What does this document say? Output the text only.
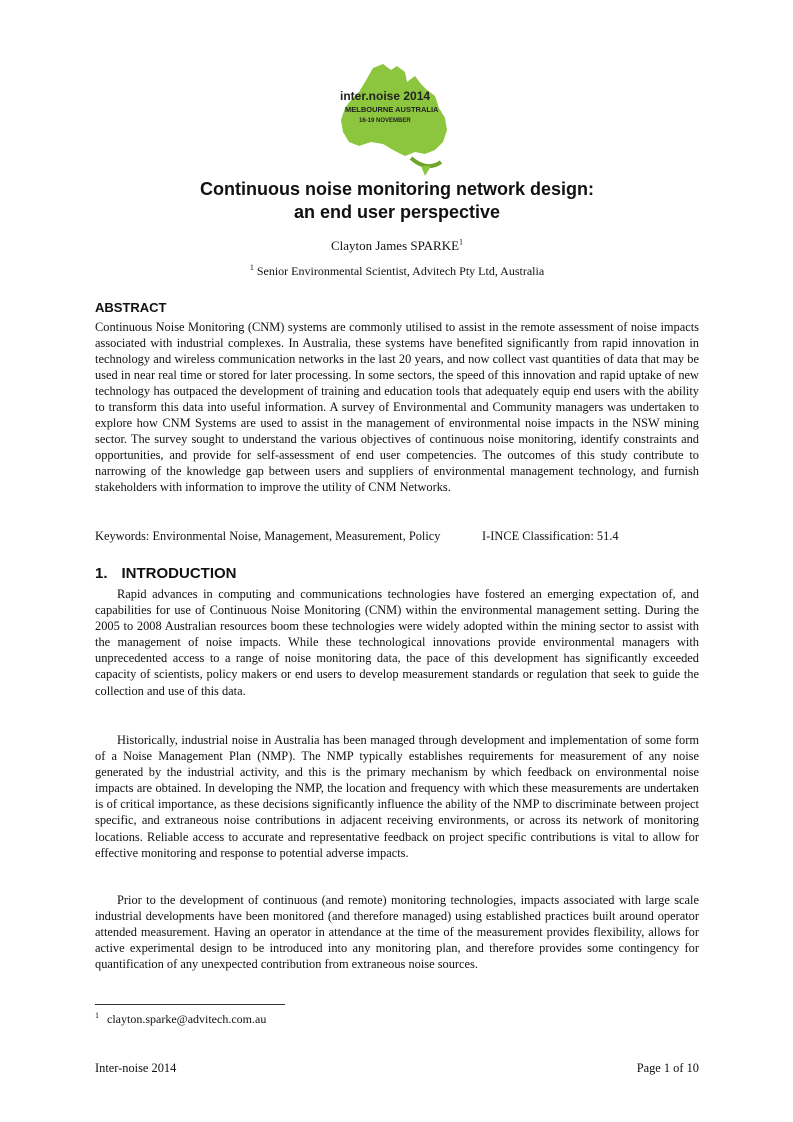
inter.noise 2014
MELBOURNE AUSTRALIA
16-19 NOVEMBER
Continuous noise monitoring network design:
an end user perspective
Clayton James SPARKE$^1$
$^1$ Senior Environmental Scientist, Advitech Pty Ltd, Australia
ABSTRACT

Continuous Noise Monitoring (CNM) systems are commonly utilised to assist in the remote assessment of noise impacts associated with industrial complexes. In Australia, these systems have benefited significantly from rapid innovation in technology and wireless communication networks in the last 20 years, and now collect vast quantities of data that may be used in near real time or stored for later processing. In some sectors, the speed of this innovation and rapid uptake of new technology has outpaced the development of training and education tools that adequately equip end users with the ability to transform this data into useful information. A survey of Environmental and Community managers was undertaken to explore how CNM Systems are used to assist in the management of environmental noise impacts in the NSW mining sector. The survey sought to understand the various objectives of continuous noise monitoring, identify constraints and opportunities, and provide for self-assessment of end user competencies. The outcomes of this study contribute to narrowing of the knowledge gap between users and suppliers of environmental management technology, and furnish stakeholders with information to improve the utility of CNM Networks.

Keywords: Environmental Noise, Management, Measurement, Policy	I-INCE Classification: 51.4
1. INTRODUCTION

Rapid advances in computing and communications technologies have fostered an emerging expectation of, and capabilities for use of Continuous Noise Monitoring (CNM) within the environmental management setting. During the 2005 to 2008 Australian resources boom these technologies were widely adopted within the mining sector to assist with the management of noise impacts. While these technological innovations provide environmental managers with unprecedented access to a range of noise monitoring data, the pace of this development has significantly exceeded capacity of scientists, policy makers or end users to develop measurement standards or regulation that seek to guide the collection and use of this data.

Historically, industrial noise in Australia has been managed through development and implementation of some form of a Noise Management Plan (NMP). The NMP typically establishes requirements for measurement of any noise generated by the industrial activity, and this is the primary mechanism by which feedback on environmental noise impacts are obtained. In developing the NMP, the location and frequency with which these measurements are undertaken is of critical importance, as these decisions significantly influence the ability of the NMP to discriminate between project specific, and extraneous noise contributions in adjacent receiving environments, or across its network of monitoring locations. Reliable access to accurate and representative feedback on project specific contributions is vital to allow for effective monitoring and response to potential adverse impacts.

Prior to the development of continuous (and remote) monitoring technologies, impacts associated with large scale industrial developments have been monitored (and therefore managed) using established practices built around operator attended measurement. Having an operator in attendance at the time of the measurement provides flexibility, allows for active experimental design to be introduced into any monitoring plan, and therefore provides some contingency for quantification of any unexpected contribution from extraneous noise sources.

$^1$ clayton.sparke@advitech.com.au
Inter-noise 2014	Page 1 of 10
